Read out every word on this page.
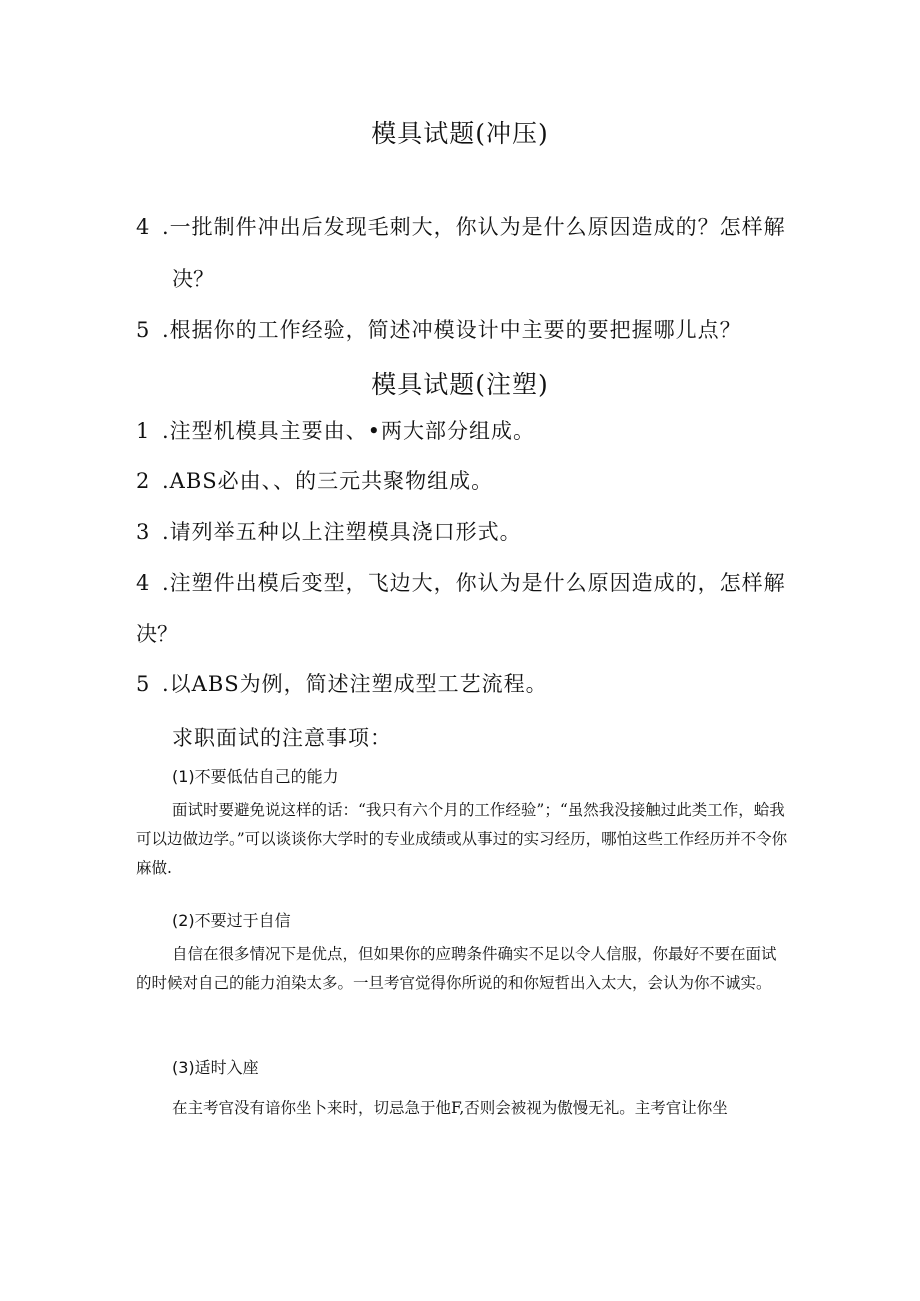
模具试题(冲压)
4 .一批制件冲出后发现毛刺大，你认为是什么原因造成的？怎样解
决？
5 .根据你的工作经验，简述冲模设计中主要的要把握哪儿点？
模具试题(注塑)
1 .注型机模具主要由、•两大部分组成。
2 .ABS必由、、的三元共聚物组成。
3 .请列举五种以上注塑模具浇口形式。
4 .注塑件出模后变型，飞边大，你认为是什么原因造成的，怎样解
决？
5 .以ABS为例，简述注塑成型工艺流程。
求职面试的注意事项：
(1)不要低估自己的能力
面试时要避免说这样的话：“我只有六个月的工作经验”；“虽然我没接触过此类工作，蛤我可以边做边学。”可以谈谈你大学时的专业成绩或从事过的实习经历，哪怕这些工作经历并不令你麻做.
(2)不要过于自信
自信在很多情况下是优点，但如果你的应聘条件确实不足以令人信服，你最好不要在面试的时候对自己的能力洎染太多。一旦考官觉得你所说的和你短哲出入太大，会认为你不诚实。
(3)适时入座
在主考官没有谙你坐卜来时，切忌急于他F,否则会被视为傲慢无礼。主考官让你坐
